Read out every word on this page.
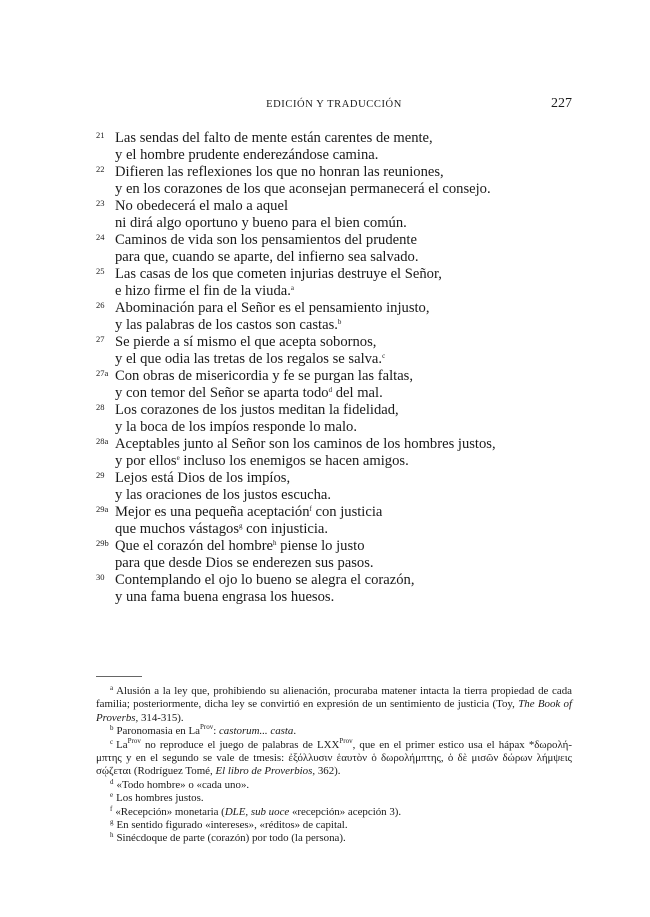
EDICIÓN Y TRADUCCIÓN	227
21 Las sendas del falto de mente están carentes de mente,
y el hombre prudente enderezándose camina.
22 Difieren las reflexiones los que no honran las reuniones,
y en los corazones de los que aconsejan permanecerá el consejo.
23 No obedecerá el malo a aquel
ni dirá algo oportuno y bueno para el bien común.
24 Caminos de vida son los pensamientos del prudente
para que, cuando se aparte, del infierno sea salvado.
25 Las casas de los que cometen injurias destruye el Señor,
e hizo firme el fin de la viuda.$^a$
26 Abominación para el Señor es el pensamiento injusto,
y las palabras de los castos son castas.$^b$
27 Se pierde a sí mismo el que acepta sobornos,
y el que odia las tretas de los regalos se salva.$^c$
27a Con obras de misericordia y fe se purgan las faltas,
y con temor del Señor se aparta todo$^d$ del mal.
28 Los corazones de los justos meditan la fidelidad,
y la boca de los impíos responde lo malo.
28a Aceptables junto al Señor son los caminos de los hombres justos,
y por ellos$^e$ incluso los enemigos se hacen amigos.
29 Lejos está Dios de los impíos,
y las oraciones de los justos escucha.
29a Mejor es una pequeña aceptación$^f$ con justicia
que muchos vástagos$^g$ con injusticia.
29b Que el corazón del hombre$^h$ piense lo justo
para que desde Dios se enderezen sus pasos.
30 Contemplando el ojo lo bueno se alegra el corazón,
y una fama buena engrasa los huesos.
$^a$ Alusión a la ley que, prohibiendo su alienación, procuraba matener intacta la tierra propiedad de cada familia; posteriormente, dicha ley se convirtió en expresión de un sentimiento de justicia (Toy, The Book of Proverbs, 314-315).
$^b$ Paronomasia en $La^{Prov}$: castorum... casta.
$^c$ $La^{Prov}$ no reproduce el juego de palabras de $LXX^{Prov}$, que en el primer estico usa el hápax *δωρολή-μπτης y en el segundo se vale de tmesis: ἐξόλλυσιν ἑαυτὸν ὁ δωρολήμπτης, ὁ δὲ μισῶν δώρων λήμψεις σῴζεται (Rodríguez Tomé, El libro de Proverbios, 362).
$^d$ «Todo hombre» o «cada uno».
$^e$ Los hombres justos.
$^f$ «Recepción» monetaria (DLE, sub uoce «recepción» acepción 3).
$^g$ En sentido figurado «intereses», «réditos» de capital.
$^h$ Sinécdoque de parte (corazón) por todo (la persona).
